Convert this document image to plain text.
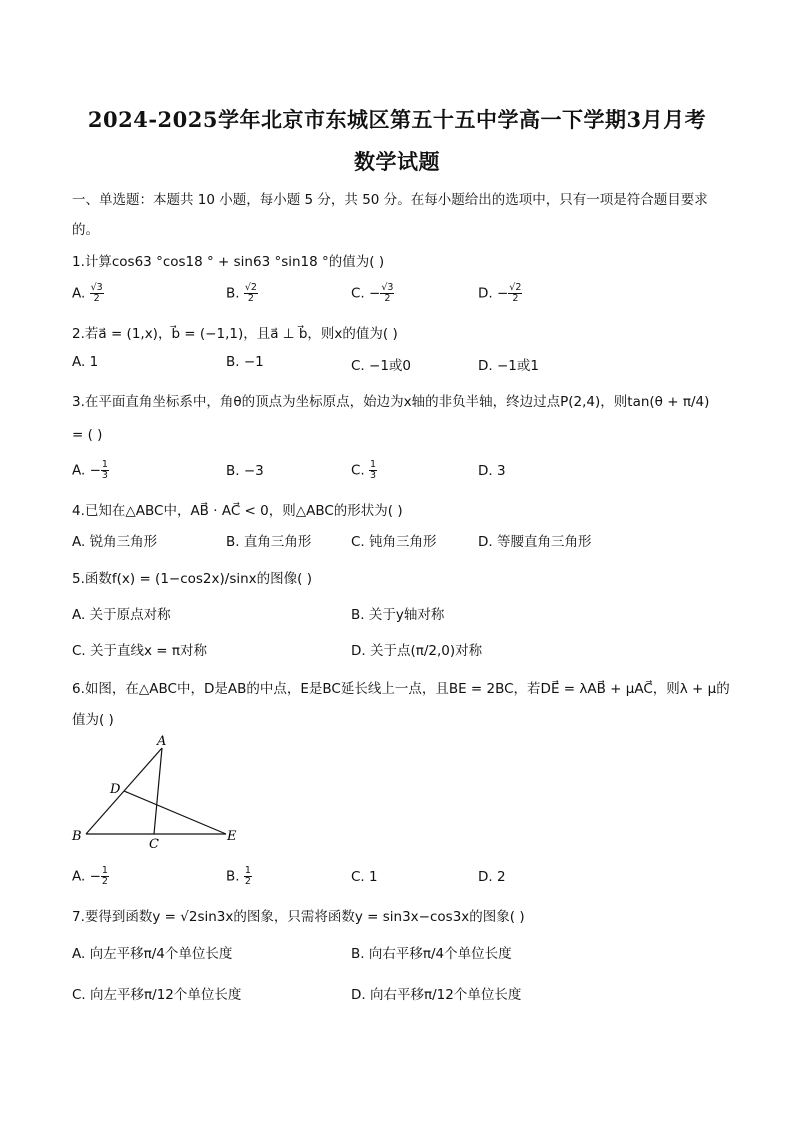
2024-2025学年北京市东城区第五十五中学高一下学期3月月考
数学试题
一、单选题：本题共 10 小题，每小题 5 分，共 50 分。在每小题给出的选项中，只有一项是符合题目要求
的。
1.计算cos63 °cos18 ° + sin63 °sin18 °的值为( )
A. $\frac{√3}{2}$	B. $\frac{√2}{2}$	C. − $\frac{√3}{2}$	D. − $\frac{√2}{2}$
2.若a⃗ = (1,x)，b⃗ = (−1,1)，且a⃗ ⊥ b⃗，则x的值为( )
A. 1	B. −1	C. −1或0	D. −1或1
3.在平面直角坐标系中，角θ的顶点为坐标原点，始边为x轴的非负半轴，终边过点P(2,4)，则tan(θ + π/4)
= ( )
A. − $\frac{1}{3}$	B. −3	C. $\frac{1}{3}$	D. 3
4.已知在△ABC中，AB⃗ · AC⃗ < 0，则△ABC的形状为( )
A. 锐角三角形	B. 直角三角形	C. 钝角三角形	D. 等腰直角三角形
5.函数f(x) = (1−cos2x)/sinx的图像( )
A. 关于原点对称	B. 关于y轴对称
C. 关于直线x = π对称	D. 关于点(π/2,0)对称
6.如图，在△ABC中，D是AB的中点，E是BC延长线上一点，且BE = 2BC，若DE⃗ = λAB⃗ + μAC⃗，则λ + μ的
值为( )
A
D
B
C
E
A. − $\frac{1}{2}$	B. $\frac{1}{2}$	C. 1	D. 2
7.要得到函数y = √2sin3x的图象，只需将函数y = sin3x−cos3x的图象( )
A. 向左平移π/4个单位长度	B. 向右平移π/4个单位长度
C. 向左平移π/12个单位长度	D. 向右平移π/12个单位长度
